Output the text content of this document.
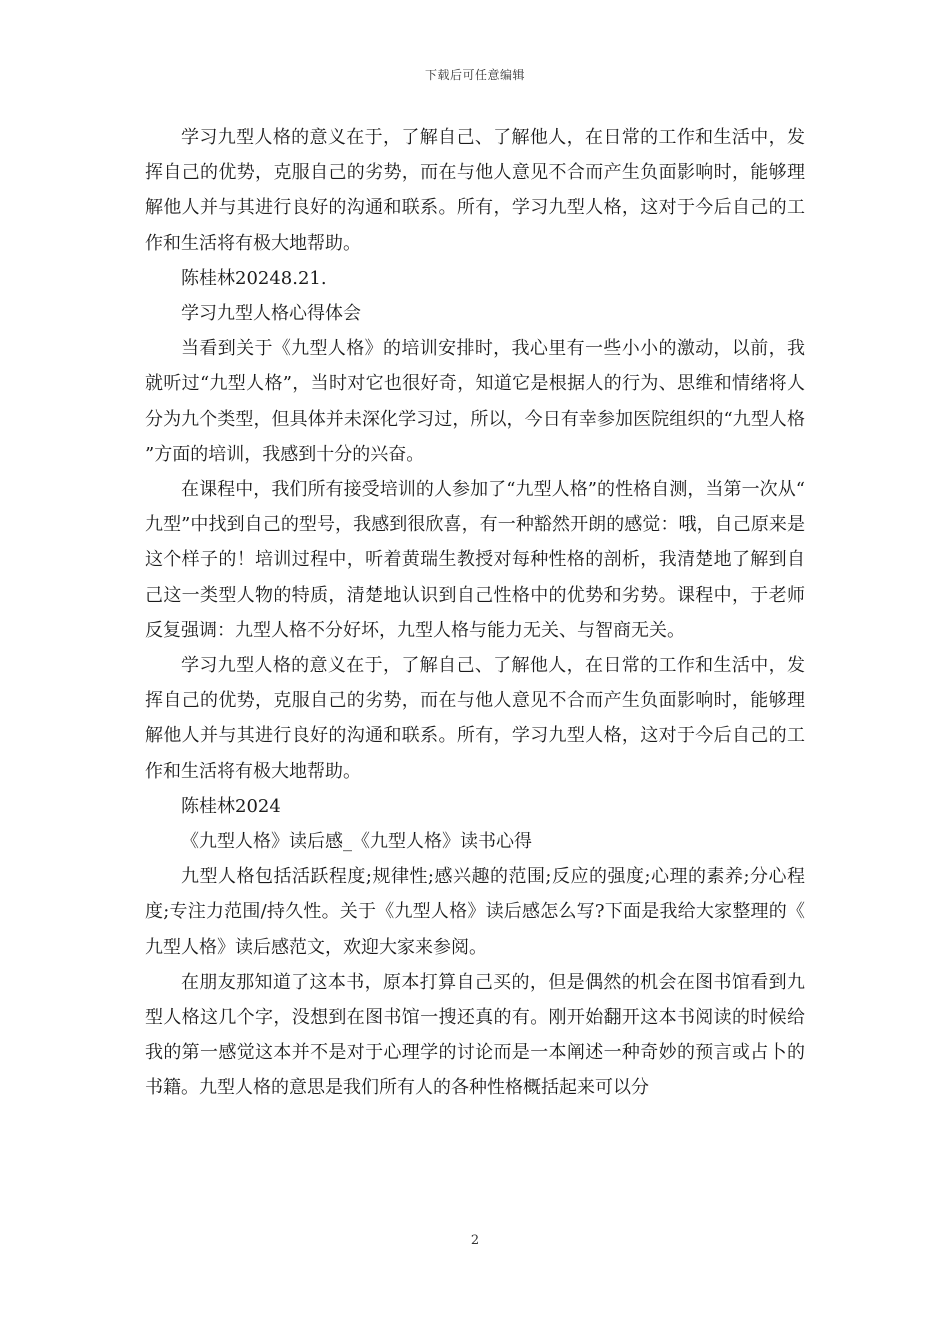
下载后可任意编辑

学习九型人格的意义在于，了解自己、了解他人，在日常的工作和生活中，发挥自己的优势，克服自己的劣势，而在与他人意见不合而产生负面影响时，能够理解他人并与其进行良好的沟通和联系。所有，学习九型人格，这对于今后自己的工作和生活将有极大地帮助。

陈桂林20248.21.

学习九型人格心得体会

当看到关于《九型人格》的培训安排时，我心里有一些小小的激动，以前，我就听过“九型人格”，当时对它也很好奇，知道它是根据人的行为、思维和情绪将人分为九个类型，但具体并未深化学习过，所以，今日有幸参加医院组织的“九型人格”方面的培训，我感到十分的兴奋。

在课程中，我们所有接受培训的人参加了“九型人格”的性格自测，当第一次从“九型”中找到自己的型号，我感到很欣喜，有一种豁然开朗的感觉：哦，自己原来是这个样子的！培训过程中，听着黄瑞生教授对每种性格的剖析，我清楚地了解到自己这一类型人物的特质，清楚地认识到自己性格中的优势和劣势。课程中，于老师反复强调：九型人格不分好坏，九型人格与能力无关、与智商无关。

学习九型人格的意义在于，了解自己、了解他人，在日常的工作和生活中，发挥自己的优势，克服自己的劣势，而在与他人意见不合而产生负面影响时，能够理解他人并与其进行良好的沟通和联系。所有，学习九型人格，这对于今后自己的工作和生活将有极大地帮助。

陈桂林2024

《九型人格》读后感_《九型人格》读书心得

九型人格包括活跃程度;规律性;感兴趣的范围;反应的强度;心理的素养;分心程度;专注力范围/持久性。关于《九型人格》读后感怎么写?下面是我给大家整理的《九型人格》读后感范文，欢迎大家来参阅。

在朋友那知道了这本书，原本打算自己买的，但是偶然的机会在图书馆看到九型人格这几个字，没想到在图书馆一搜还真的有。刚开始翻开这本书阅读的时候给我的第一感觉这本并不是对于心理学的讨论而是一本阐述一种奇妙的预言或占卜的书籍。九型人格的意思是我们所有人的各种性格概括起来可以分

2
